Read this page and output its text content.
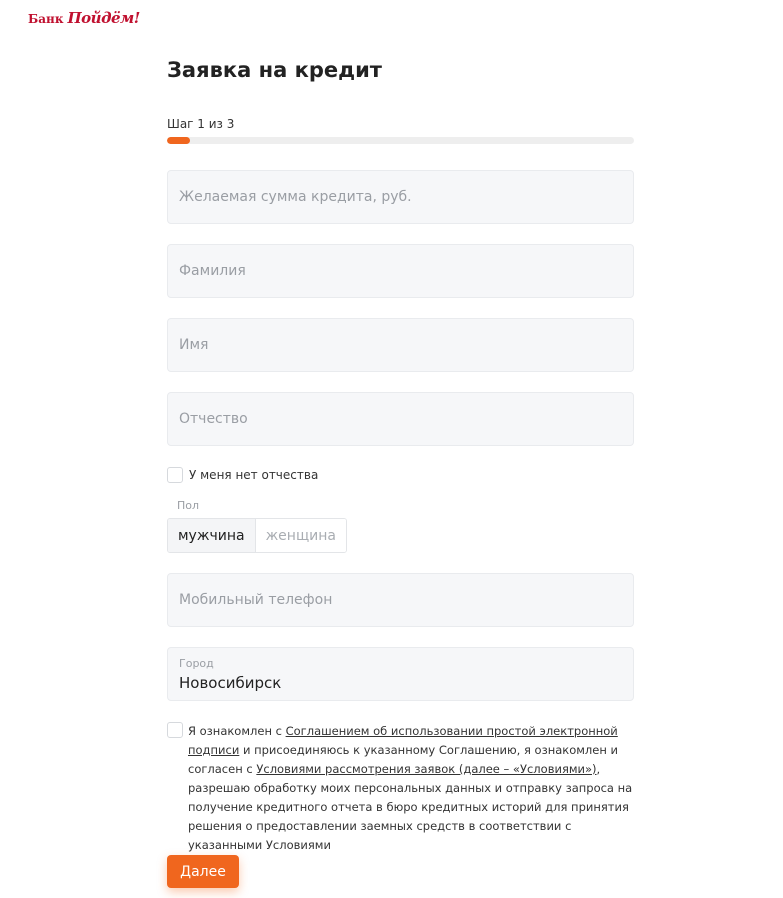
Банк Пойдём!
Заявка на кредит
Шаг 1 из 3
Желаемая сумма кредита, руб.
Фамилия
Имя
Отчество
У меня нет отчества
Пол
мужчина	женщина
Мобильный телефон
Город
Новосибирск

Я ознакомлен с Соглашением об использовании простой электронной подписи и присоединяюсь к указанному Соглашению, я ознакомлен и согласен с Условиями рассмотрения заявок (далее – «Условиями»), разрешаю обработку моих персональных данных и отправку запроса на получение кредитного отчета в бюро кредитных историй для принятия решения о предоставлении заемных средств в соответствии с указанными Условиями

Далее
